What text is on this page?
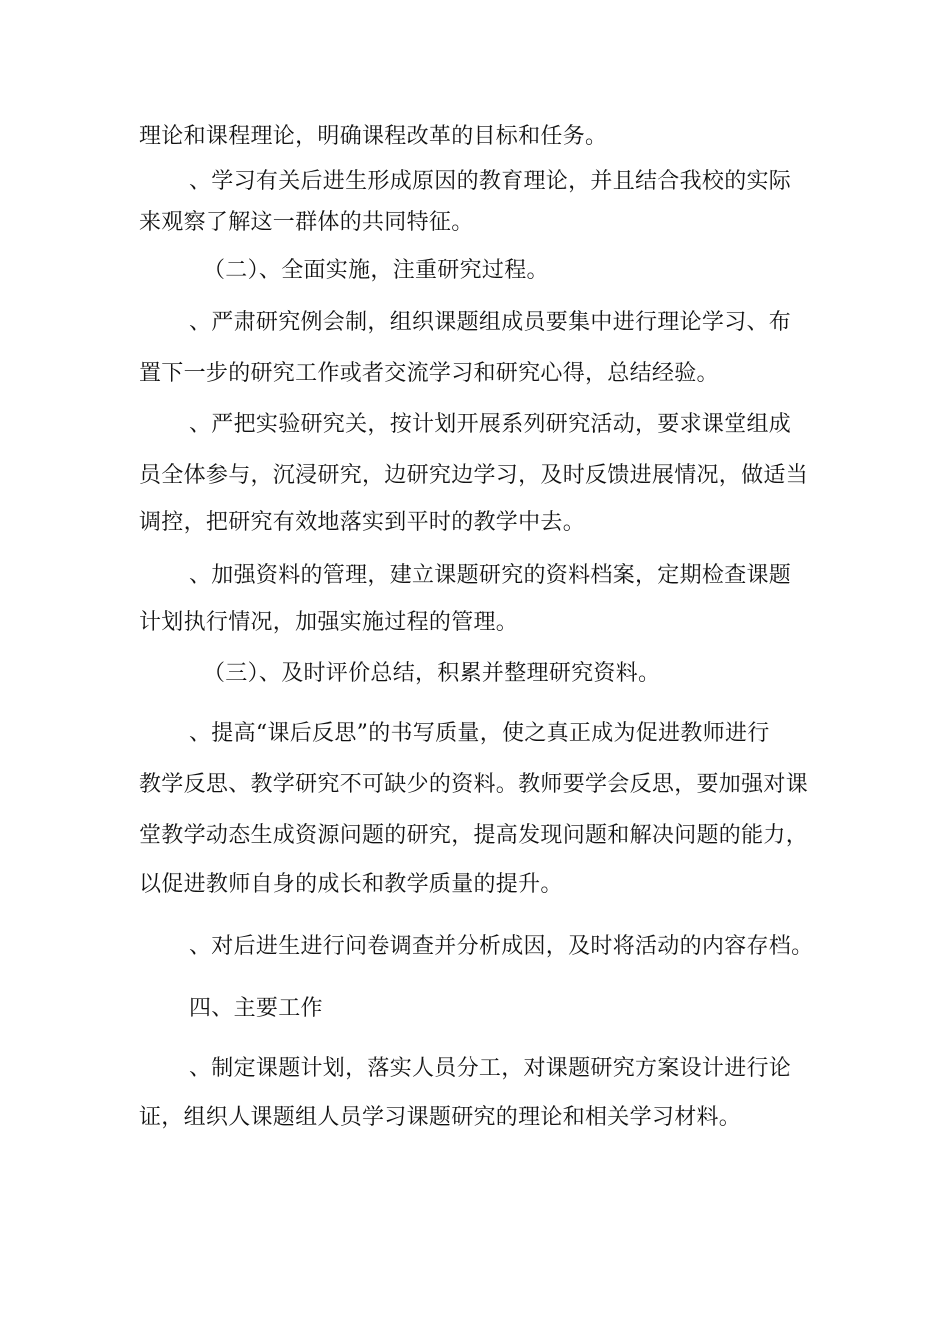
理论和课程理论，明确课程改革的目标和任务。
、学习有关后进生形成原因的教育理论，并且结合我校的实际
来观察了解这一群体的共同特征。
（二）、全面实施，注重研究过程。
、严肃研究例会制，组织课题组成员要集中进行理论学习、布
置下一步的研究工作或者交流学习和研究心得，总结经验。
、严把实验研究关，按计划开展系列研究活动，要求课堂组成
员全体参与，沉浸研究，边研究边学习，及时反馈进展情况，做适当
调控，把研究有效地落实到平时的教学中去。
、加强资料的管理，建立课题研究的资料档案，定期检查课题
计划执行情况，加强实施过程的管理。
（三）、及时评价总结，积累并整理研究资料。
、提高“课后反思”的书写质量，使之真正成为促进教师进行
教学反思、教学研究不可缺少的资料。教师要学会反思，要加强对课
堂教学动态生成资源问题的研究，提高发现问题和解决问题的能力，
以促进教师自身的成长和教学质量的提升。
、对后进生进行问卷调查并分析成因，及时将活动的内容存档。
四、主要工作
、制定课题计划，落实人员分工，对课题研究方案设计进行论
证，组织人课题组人员学习课题研究的理论和相关学习材料。
